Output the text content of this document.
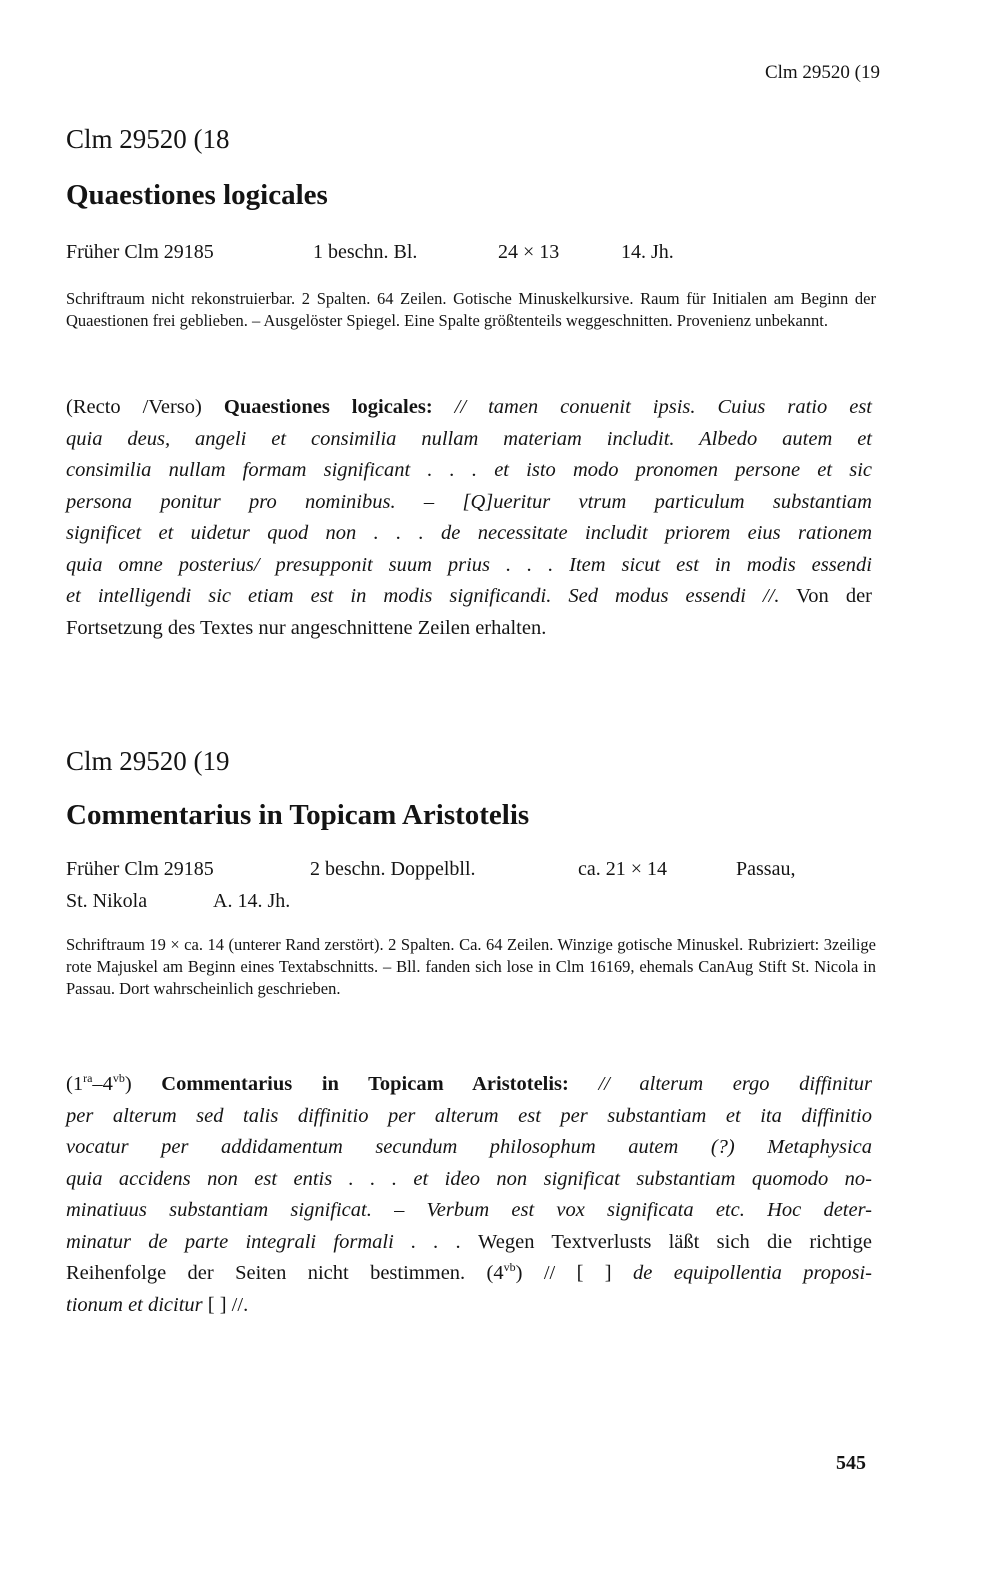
Clm 29520 (19
Clm 29520 (18
Quaestiones logicales
Früher Clm 29185	1 beschn. Bl.	24 × 13	14. Jh.
Schriftraum nicht rekonstruierbar. 2 Spalten. 64 Zeilen. Gotische Minuskelkursive. Raum für Initialen am Beginn der Quaestionen frei geblieben. – Ausgelöster Spiegel. Eine Spalte größtenteils weggeschnitten. Provenienz unbekannt.
(Recto /Verso) Quaestiones logicales: // tamen conuenit ipsis. Cuius ratio est
quia deus, angeli et consimilia nullam materiam includit. Albedo autem et
consimilia nullam formam significant . . . et isto modo pronomen persone et sic
persona ponitur pro nominibus. – [Q]ueritur vtrum particulum substantiam
significet et uidetur quod non . . . de necessitate includit priorem eius rationem
quia omne posterius/ presupponit suum prius . . . Item sicut est in modis essendi
et intelligendi sic etiam est in modis significandi. Sed modus essendi //. Von der
Fortsetzung des Textes nur angeschnittene Zeilen erhalten.
Clm 29520 (19
Commentarius in Topicam Aristotelis
Früher Clm 29185	2 beschn. Doppelbll.	ca. 21 × 14	Passau,
St. Nikola	A. 14. Jh.
Schriftraum 19 × ca. 14 (unterer Rand zerstört). 2 Spalten. Ca. 64 Zeilen. Winzige gotische Minuskel. Rubriziert: 3zeilige rote Majuskel am Beginn eines Textabschnitts. – Bll. fanden sich lose in Clm 16169, ehemals CanAug Stift St. Nicola in Passau. Dort wahrscheinlich geschrieben.
$(1^{ra}-4^{vb})$ Commentarius in Topicam Aristotelis: // alterum ergo diffinitur
per alterum sed talis diffinitio per alterum est per substantiam et ita diffinitio
vocatur per addidamentum secundum philosophum autem (?) Metaphysica
quia accidens non est entis . . . et ideo non significat substantiam quomodo no-
minatiuus substantiam significat. – Verbum est vox significata etc. Hoc deter-
minatur de parte integrali formali . . . Wegen Textverlusts läßt sich die richtige
Reihenfolge der Seiten nicht bestimmen. $(4^{vb})$ // [ ] de equipollentia proposi-
tionum et dicitur [ ] //.
545
